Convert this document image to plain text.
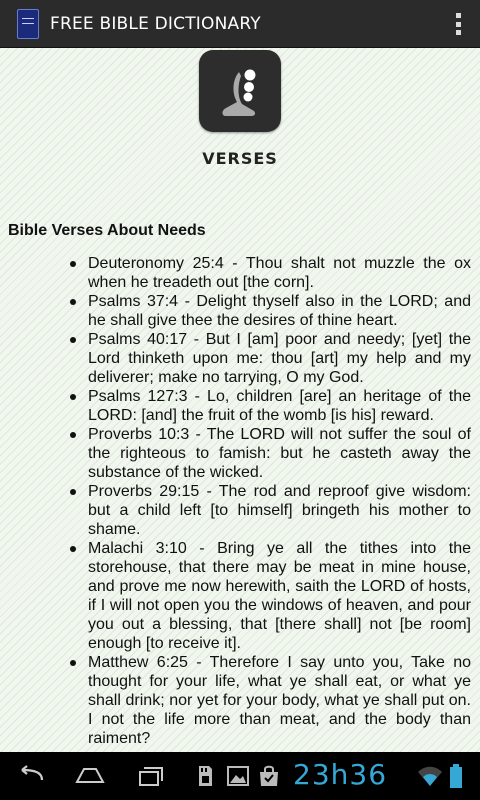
FREE BIBLE DICTIONARY
VERSES
Bible Verses About Needs
Deuteronomy 25:4 - Thou shalt not muzzle the ox when he treadeth out [the corn].
Psalms 37:4 - Delight thyself also in the LORD; and he shall give thee the desires of thine heart.
Psalms 40:17 - But I [am] poor and needy; [yet] the Lord thinketh upon me: thou [art] my help and my deliverer; make no tarrying, O my God.
Psalms 127:3 - Lo, children [are] an heritage of the LORD: [and] the fruit of the womb [is his] reward.
Proverbs 10:3 - The LORD will not suffer the soul of the righteous to famish: but he casteth away the substance of the wicked.
Proverbs 29:15 - The rod and reproof give wisdom: but a child left [to himself] bringeth his mother to shame.
Malachi 3:10 - Bring ye all the tithes into the storehouse, that there may be meat in mine house, and prove me now herewith, saith the LORD of hosts, if I will not open you the windows of heaven, and pour you out a blessing, that [there shall] not [be room] enough [to receive it].
Matthew 6:25 - Therefore I say unto you, Take no thought for your life, what ye shall eat, or what ye shall drink; nor yet for your body, what ye shall put on. I not the life more than meat, and the body than raiment?
23h36
